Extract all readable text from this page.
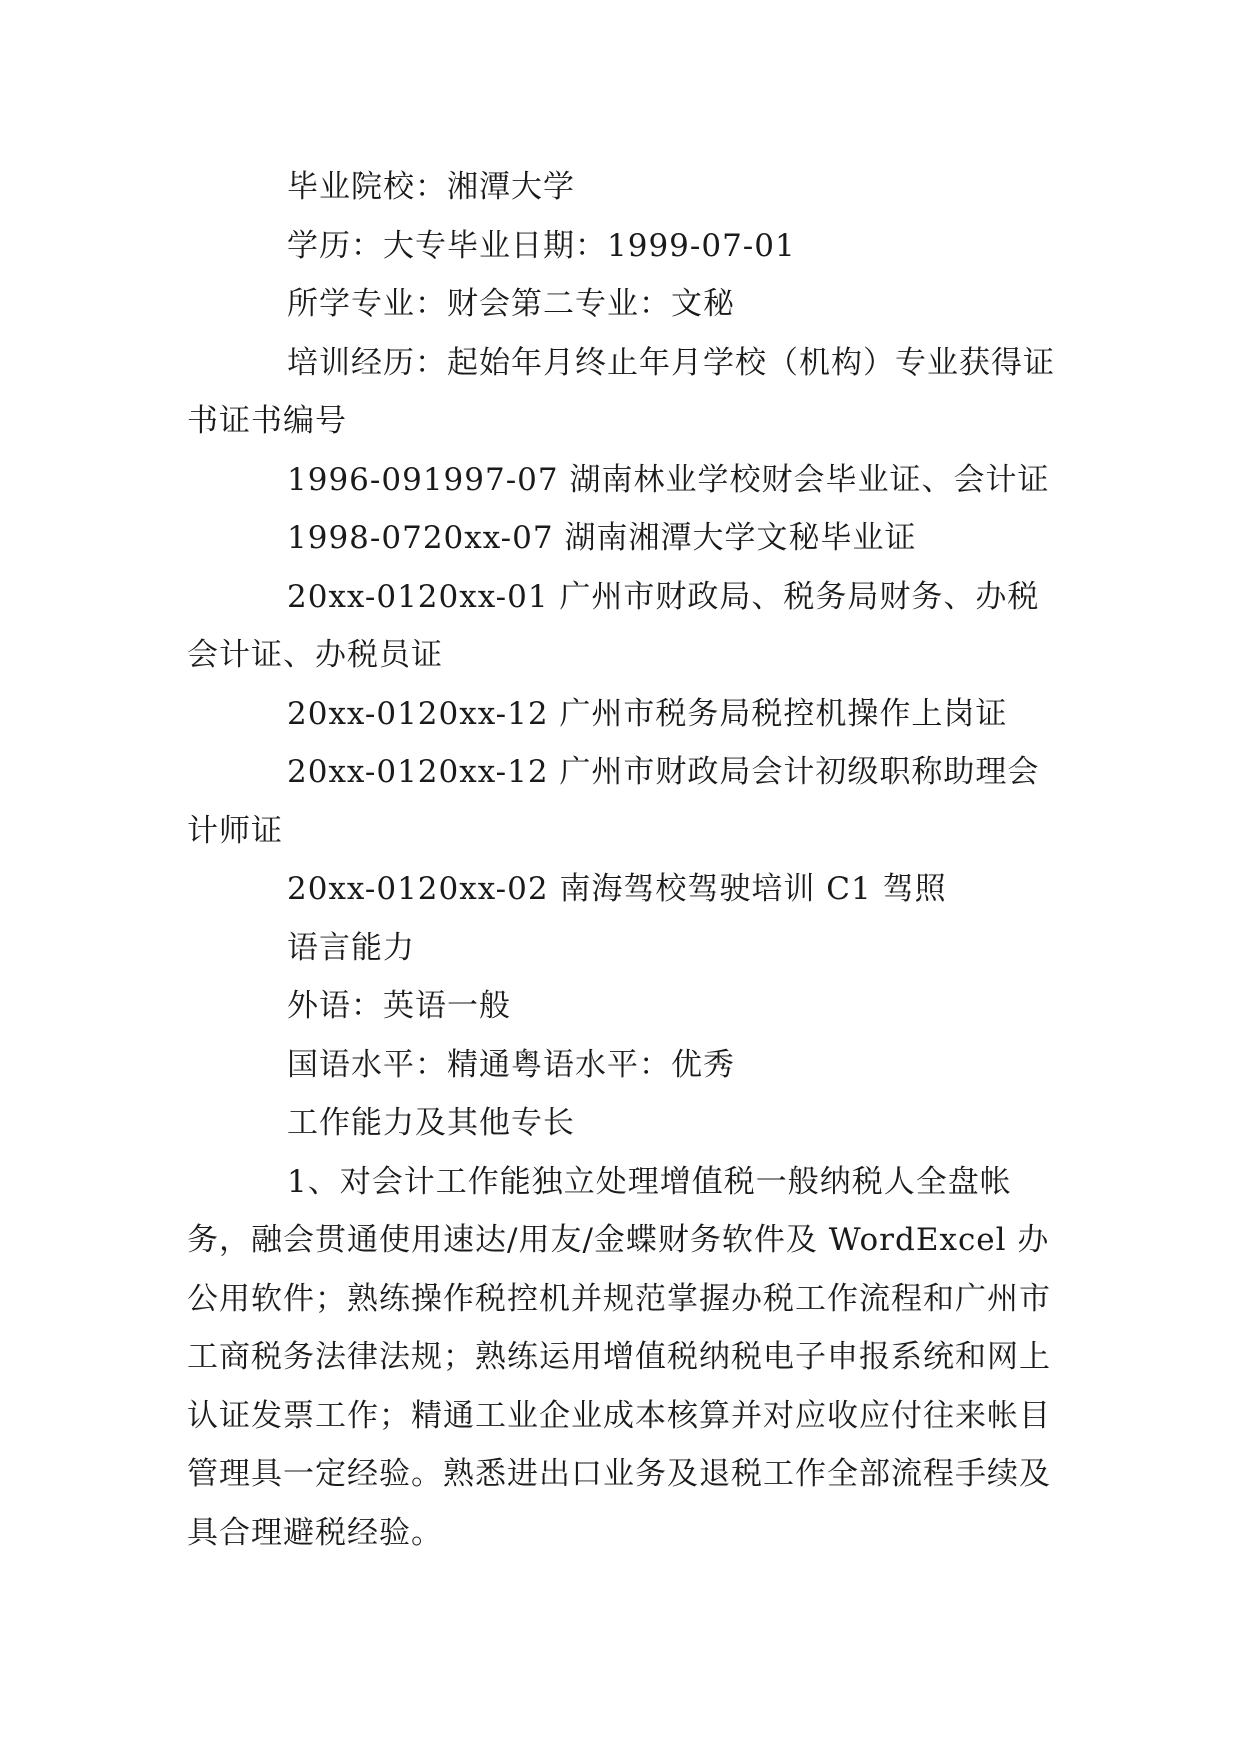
毕业院校：湘潭大学

学历：大专毕业日期：1999-07-01

所学专业：财会第二专业：文秘

培训经历：起始年月终止年月学校（机构）专业获得证书证书编号

1996-091997-07 湖南林业学校财会毕业证、会计证

1998-0720xx-07 湖南湘潭大学文秘毕业证

20xx-0120xx-01 广州市财政局、税务局财务、办税会计证、办税员证

20xx-0120xx-12 广州市税务局税控机操作上岗证

20xx-0120xx-12 广州市财政局会计初级职称助理会计师证

20xx-0120xx-02 南海驾校驾驶培训 C1 驾照

语言能力

外语：英语一般

国语水平：精通粤语水平：优秀

工作能力及其他专长

1、对会计工作能独立处理增值税一般纳税人全盘帐务，融会贯通使用速达/用友/金蝶财务软件及 WordExcel 办公用软件；熟练操作税控机并规范掌握办税工作流程和广州市工商税务法律法规；熟练运用增值税纳税电子申报系统和网上认证发票工作；精通工业企业成本核算并对应收应付往来帐目管理具一定经验。熟悉进出口业务及退税工作全部流程手续及具合理避税经验。
